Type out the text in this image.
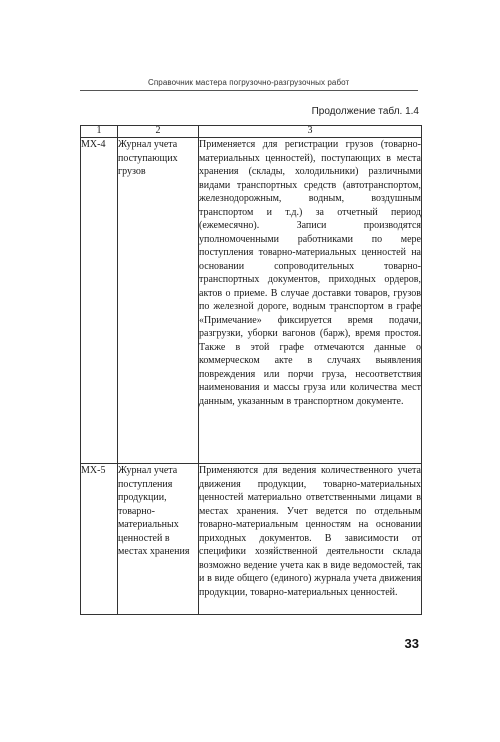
Справочник мастера погрузочно-разгрузочных работ
Продолжение табл. 1.4
1	2	3
МХ-4	Журнал учета поступающих грузов	Применяется для регистрации грузов (товарно-материальных ценностей), поступающих в места хранения (склады, холодильники) различными видами транспортных средств (автотранспортом, железнодорожным, водным, воздушным транспортом и т.д.) за отчетный период (ежемесячно). Записи производятся уполномоченными работниками по мере поступления товарно-материальных ценностей на основании сопроводительных товарно-транспортных документов, приходных ордеров, актов о приеме. В случае доставки товаров, грузов по железной дороге, водным транспортом в графе «Примечание» фиксируется время подачи, разгрузки, уборки вагонов (барж), время простоя. Также в этой графе отмечаются данные о коммерческом акте в случаях выявления повреждения или порчи груза, несоответствия наименования и массы груза или количества мест данным, указанным в транспортном документе.
МХ-5	Журнал учета поступления продукции, товарно-материальных ценностей в местах хранения	Применяются для ведения количественного учета движения продукции, товарно-материальных ценностей материально ответственными лицами в местах хранения. Учет ведется по отдельным товарно-материальным ценностям на основании приходных документов. В зависимости от специфики хозяйственной деятельности склада возможно ведение учета как в виде ведомостей, так и в виде общего (единого) журнала учета движения продукции, товарно-материальных ценностей.
33
